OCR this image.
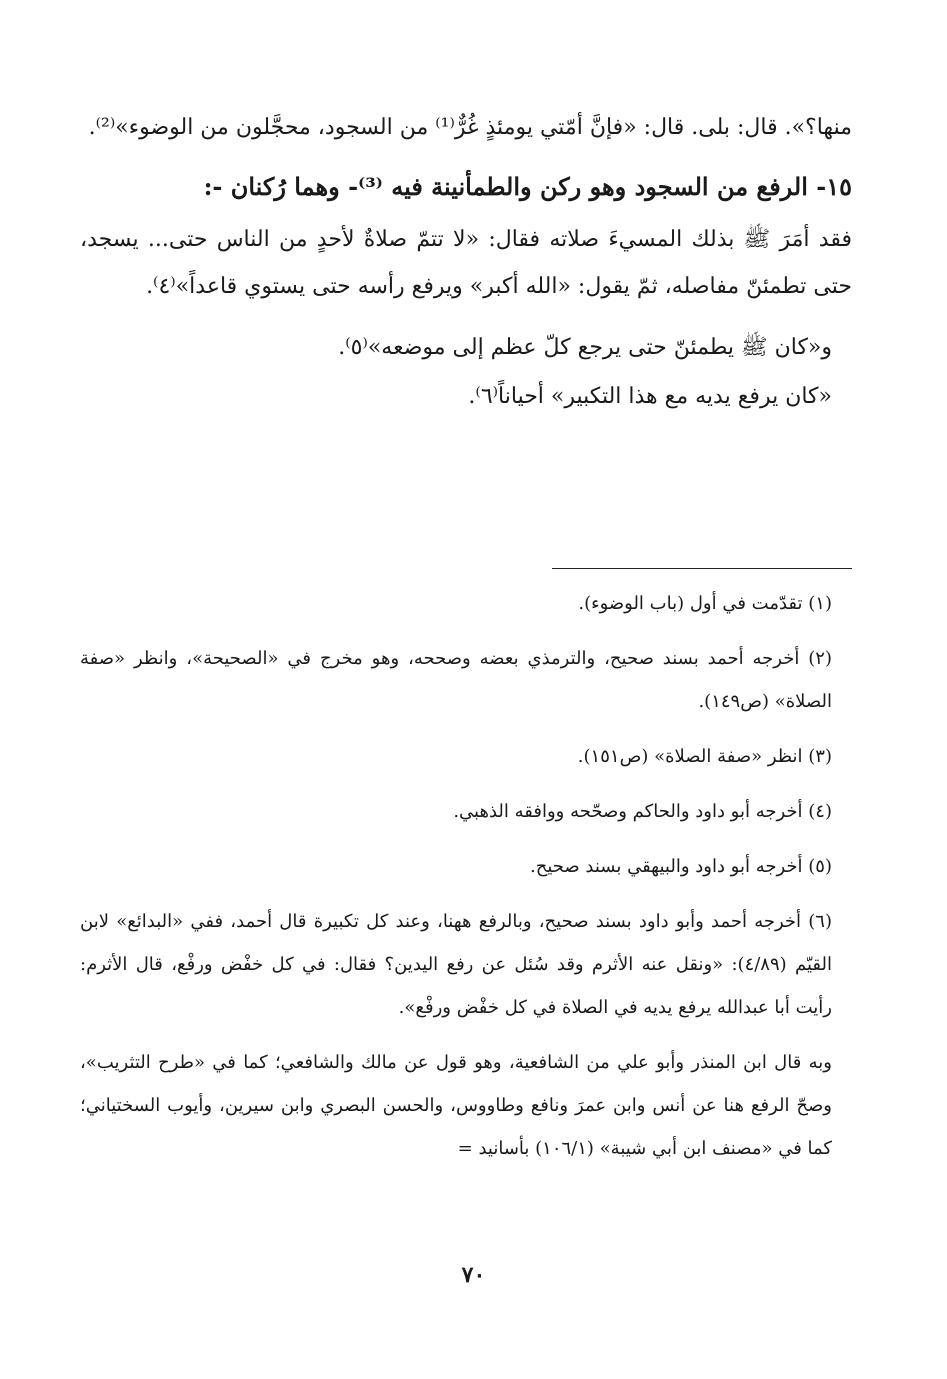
منها؟». قال: بلى. قال: «فإنَّ أمّتي يومئذٍ غُرٌّ⁽¹⁾ من السجود، محجَّلون من الوضوء»⁽²⁾.

١٥- الرفع من السجود وهو ركن والطمأنينة فيه ⁽³⁾- وهما رُكنان -:

فقد أمَرَ ﷺ بذلك المسيءَ صلاته فقال: «لا تتمّ صلاةٌ لأحدٍ من الناس حتى... يسجد، حتى تطمئنّ مفاصله، ثمّ يقول: «الله أكبر» ويرفع رأسه حتى يستوي قاعداً»⁽٤⁾.

و«كان ﷺ يطمئنّ حتى يرجع كلّ عظم إلى موضعه»⁽٥⁾.

«كان يرفع يديه مع هذا التكبير» أحياناً⁽٦⁾.

(١) تقدّمت في أول (باب الوضوء).

(٢) أخرجه أحمد بسند صحيح، والترمذي بعضه وصححه، وهو مخرج في «الصحيحة»، وانظر «صفة الصلاة» (ص١٤٩).

(٣) انظر «صفة الصلاة» (ص١٥١).

(٤) أخرجه أبو داود والحاكم وصحّحه ووافقه الذهبي.

(٥) أخرجه أبو داود والبيهقي بسند صحيح.

(٦) أخرجه أحمد وأبو داود بسند صحيح، وبالرفع ههنا، وعند كل تكبيرة قال أحمد، ففي «البدائع» لابن القيّم (٤/٨٩): «ونقل عنه الأثرم وقد سُئل عن رفع اليدين؟ فقال: في كل خفْض ورفْع، قال الأثرم: رأيت أبا عبدالله يرفع يديه في الصلاة في كل خفْض ورفْع».

وبه قال ابن المنذر وأبو علي من الشافعية، وهو قول عن مالك والشافعي؛ كما في «طرح التثريب»، وصحّ الرفع هنا عن أنس وابن عمرَ ونافع وطاووس، والحسن البصري وابن سيرين، وأيوب السختياني؛ كما في «مصنف ابن أبي شيبة» (١٠٦/١) بأسانيد =

٧٠
